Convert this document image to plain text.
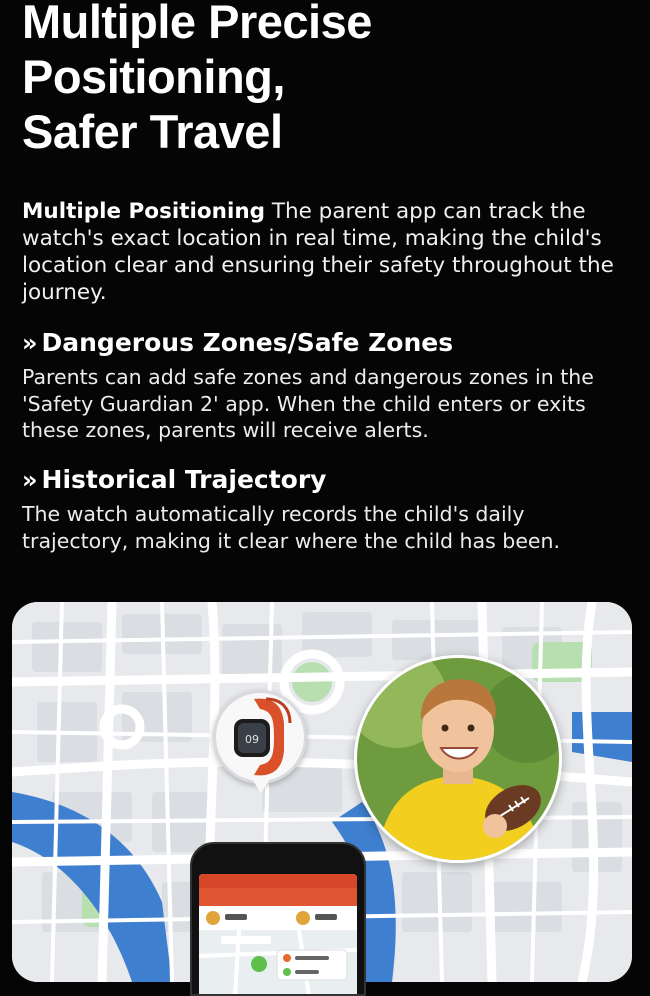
Multiple Precise
Positioning,
Safer Travel

Multiple Positioning The parent app can track the watch's exact location in real time, making the child's location clear and ensuring their safety throughout the journey.

» Dangerous Zones/Safe Zones

Parents can add safe zones and dangerous zones in the 'Safety Guardian 2' app. When the child enters or exits these zones, parents will receive alerts.

» Historical Trajectory

The watch automatically records the child's daily trajectory, making it clear where the child has been.

09
